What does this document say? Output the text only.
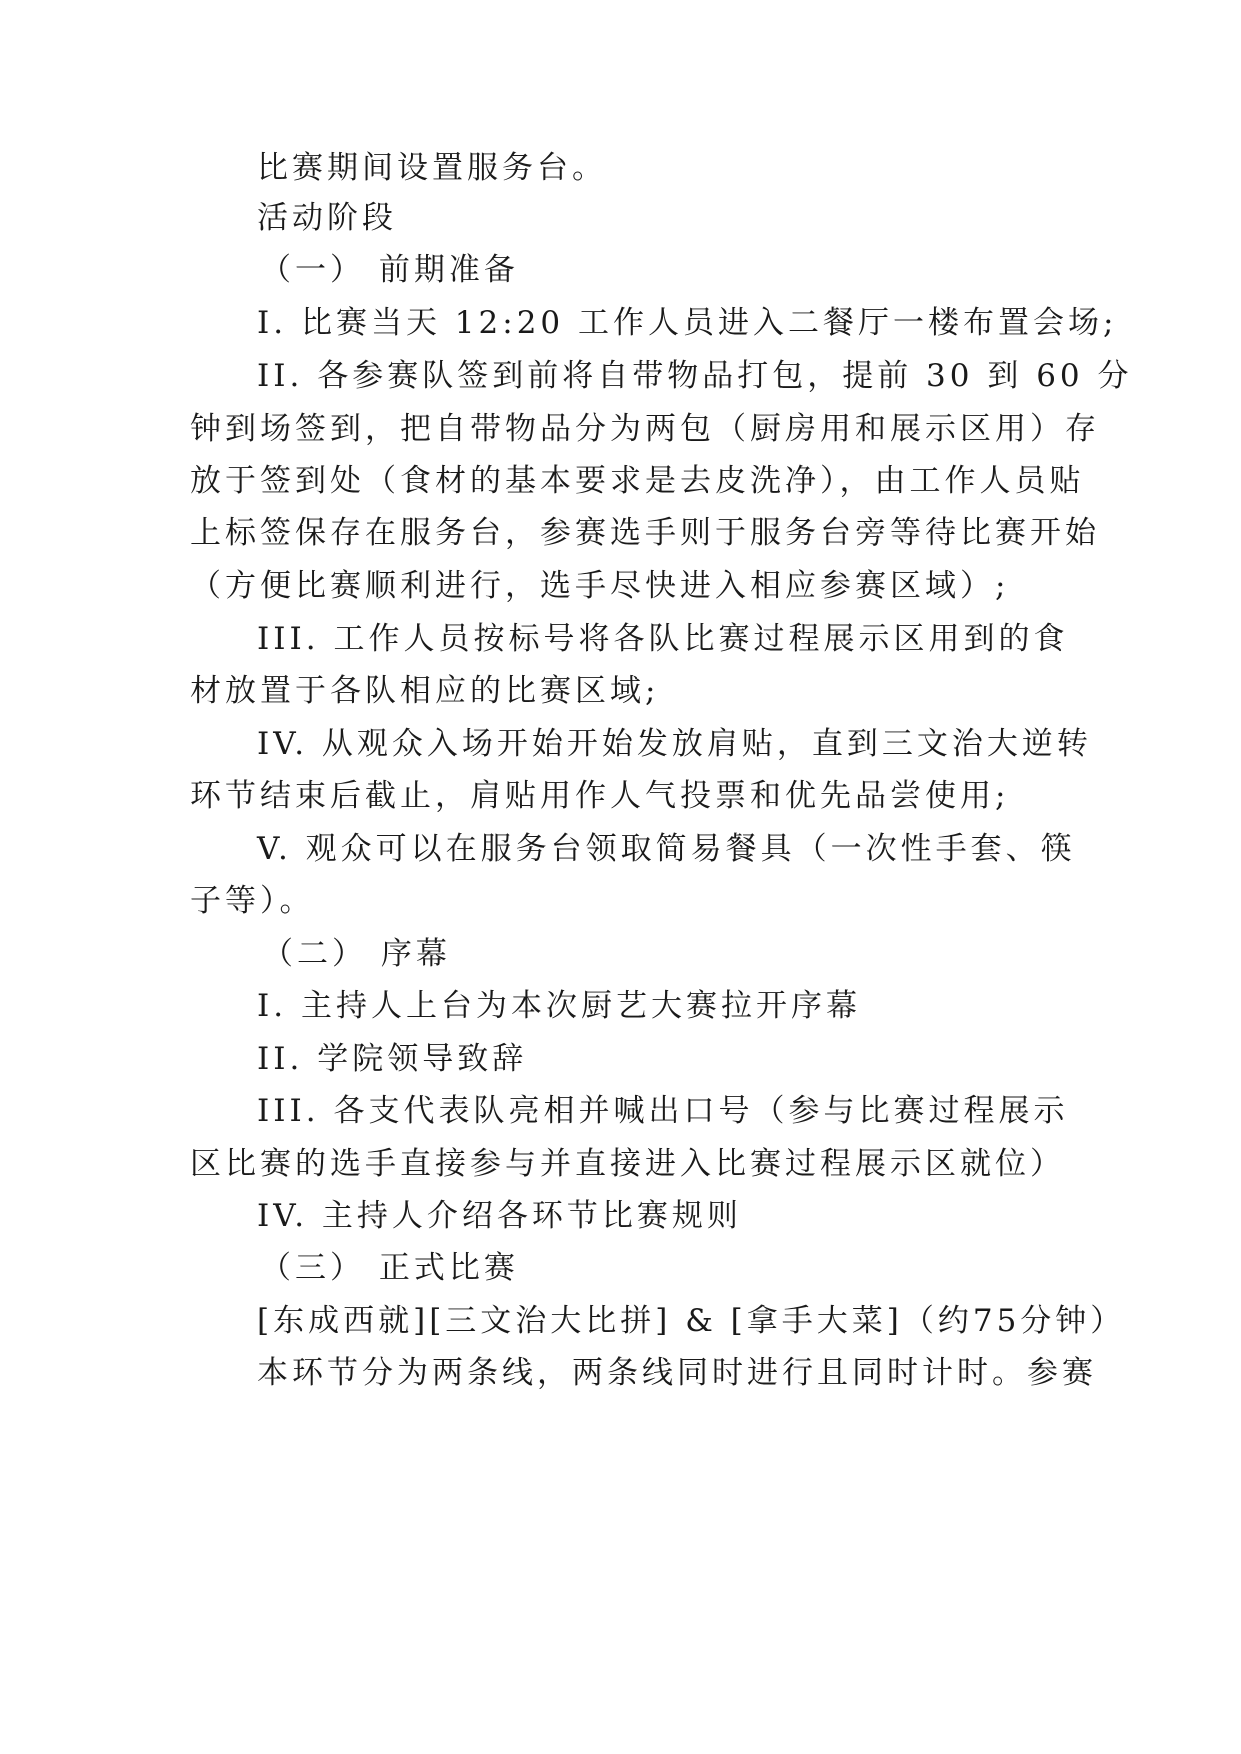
比赛期间设置服务台。
活动阶段
（一） 前期准备
I. 比赛当天 12:20 工作人员进入二餐厅一楼布置会场;
II. 各参赛队签到前将自带物品打包，提前 30 到 60 分
钟到场签到，把自带物品分为两包（厨房用和展示区用）存
放于签到处（食材的基本要求是去皮洗净），由工作人员贴
上标签保存在服务台，参赛选手则于服务台旁等待比赛开始
（方便比赛顺利进行，选手尽快进入相应参赛区域）;
III. 工作人员按标号将各队比赛过程展示区用到的食
材放置于各队相应的比赛区域;
IV. 从观众入场开始开始发放肩贴，直到三文治大逆转
环节结束后截止，肩贴用作人气投票和优先品尝使用;
V. 观众可以在服务台领取简易餐具（一次性手套、筷
子等）。
（二） 序幕
I. 主持人上台为本次厨艺大赛拉开序幕
II. 学院领导致辞
III. 各支代表队亮相并喊出口号（参与比赛过程展示
区比赛的选手直接参与并直接进入比赛过程展示区就位）
IV. 主持人介绍各环节比赛规则
（三） 正式比赛
[东成西就][三文治大比拼] & [拿手大菜]（约75分钟）
本环节分为两条线，两条线同时进行且同时计时。参赛
